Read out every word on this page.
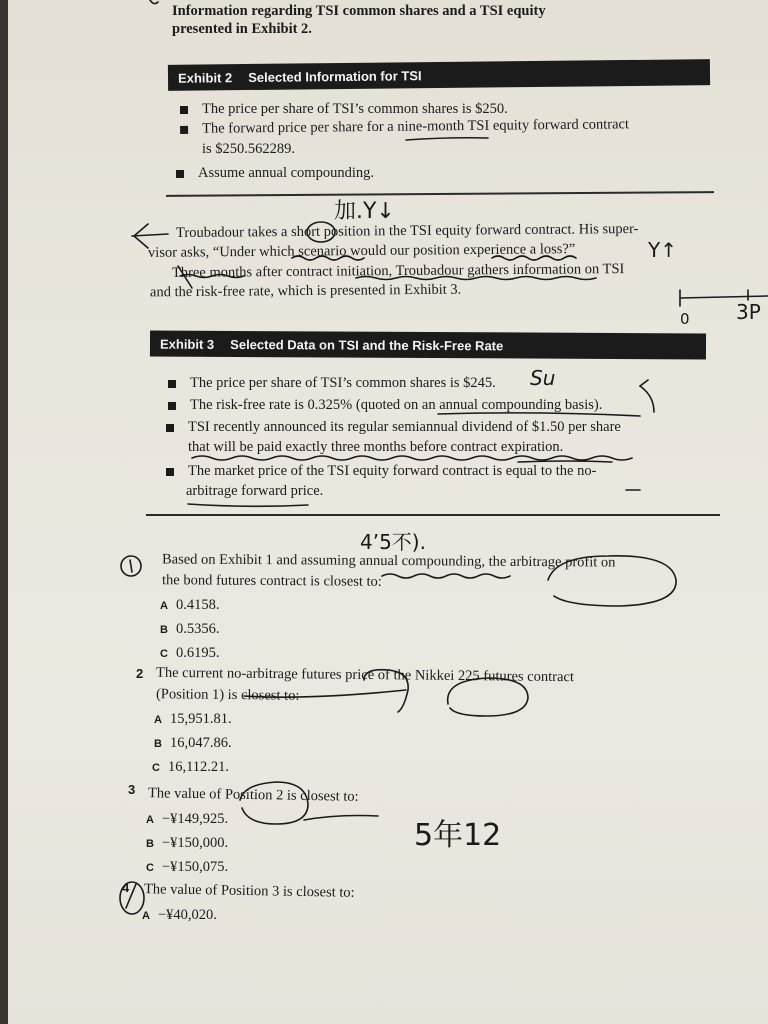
Information regarding TSI common shares and a TSI equity
presented in Exhibit 2.
Exhibit 2 Selected Information for TSI
The price per share of TSI’s common shares is $250.
The forward price per share for a nine-month TSI equity forward contract
is $250.562289.
Assume annual compounding.
Troubadour takes a short position in the TSI equity forward contract. His super-
visor asks, “Under which scenario would our position experience a loss?”
Three months after contract initiation, Troubadour gathers information on TSI
and the risk-free rate, which is presented in Exhibit 3.
Exhibit 3 Selected Data on TSI and the Risk-Free Rate
The price per share of TSI’s common shares is $245.
The risk-free rate is 0.325% (quoted on an annual compounding basis).
TSI recently announced its regular semiannual dividend of $1.50 per share
that will be paid exactly three months before contract expiration.
The market price of the TSI equity forward contract is equal to the no-
arbitrage forward price.
Based on Exhibit 1 and assuming annual compounding, the arbitrage profit on
the bond futures contract is closest to:
A 0.4158.
B 0.5356.
C 0.6195.
2 The current no-arbitrage futures price of the Nikkei 225 futures contract
(Position 1) is closest to:
A 15,951.81.
B 16,047.86.
C 16,112.21.
3 The value of Position 2 is closest to:
A −¥149,925.
B −¥150,000.
C −¥150,075.
4 The value of Position 3 is closest to:
A −¥40,020.
加.Y↓
Y↑
3P
0
Su
4’5不).
5年12
